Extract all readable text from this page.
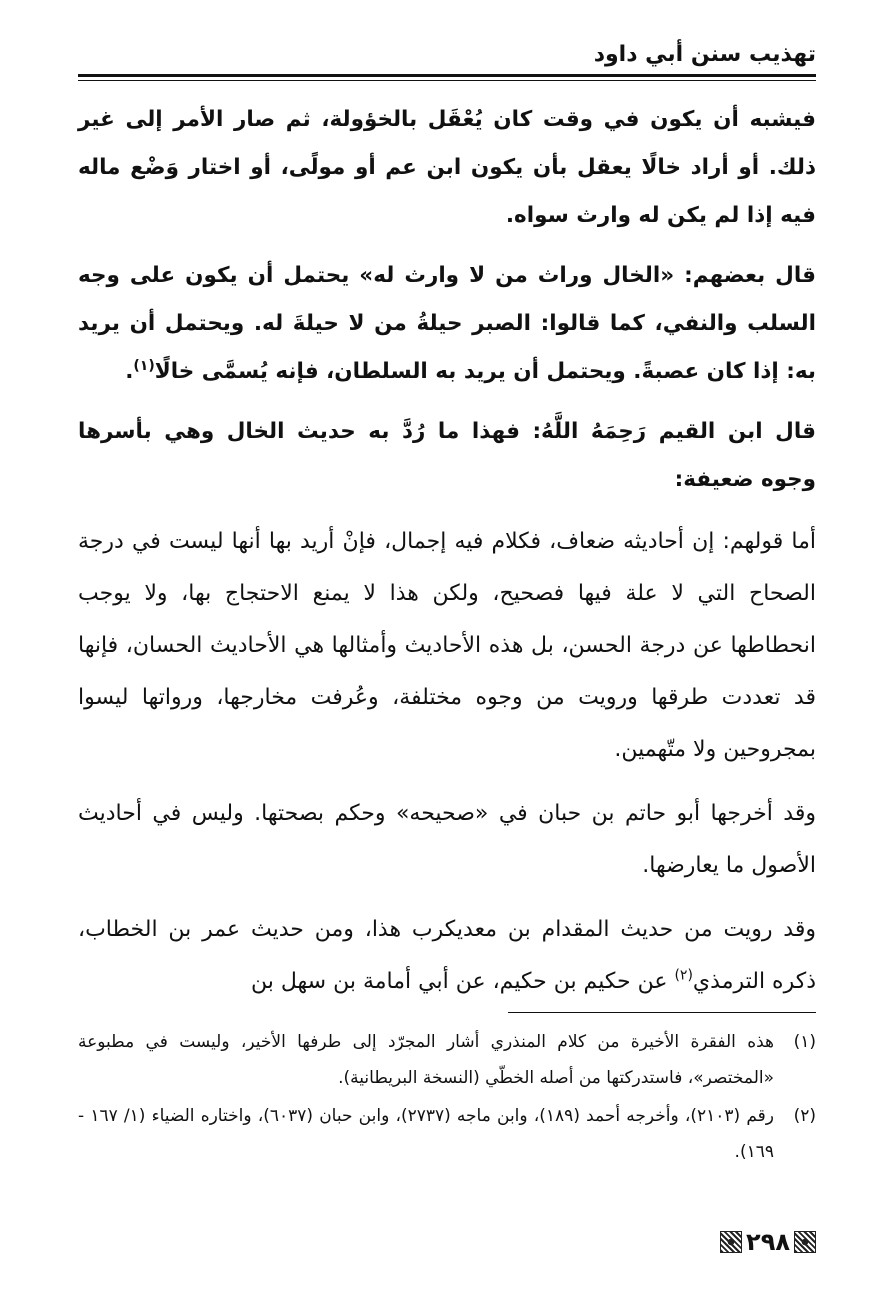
تهذيب سنن أبي داود

فيشبه أن يكون في وقت كان يُعْقَل بالخؤولة، ثم صار الأمر إلى غير ذلك. أو أراد خالًا يعقل بأن يكون ابن عم أو مولًى، أو اختار وَضْع ماله فيه إذا لم يكن له وارث سواه.

قال بعضهم: «الخال وراث من لا وارث له» يحتمل أن يكون على وجه السلب والنفي، كما قالوا: الصبر حيلةُ من لا حيلةَ له. ويحتمل أن يريد به: إذا كان عصبةً. ويحتمل أن يريد به السلطان، فإنه يُسمَّى خالًا$^{(١)}$.

قال ابن القيم رَحِمَهُ اللَّهُ: فهذا ما رُدَّ به حديث الخال وهي بأسرها وجوه ضعيفة:

أما قولهم: إن أحاديثه ضعاف، فكلام فيه إجمال، فإنْ أريد بها أنها ليست في درجة الصحاح التي لا علة فيها فصحيح، ولكن هذا لا يمنع الاحتجاج بها، ولا يوجب انحطاطها عن درجة الحسن، بل هذه الأحاديث وأمثالها هي الأحاديث الحسان، فإنها قد تعددت طرقها ورويت من وجوه مختلفة، وعُرفت مخارجها، ورواتها ليسوا بمجروحين ولا متّهمين.

وقد أخرجها أبو حاتم بن حبان في «صحيحه» وحكم بصحتها. وليس في أحاديث الأصول ما يعارضها.

وقد رويت من حديث المقدام بن معديكرب هذا، ومن حديث عمر بن الخطاب، ذكره الترمذي$^{(٢)}$ عن حكيم بن حكيم، عن أبي أمامة بن سهل بن

(١)
هذه الفقرة الأخيرة من كلام المنذري أشار المجرّد إلى طرفها الأخير، وليست في مطبوعة «المختصر»، فاستدركتها من أصله الخطّي (النسخة البريطانية).

(٢)
رقم (٢١٠٣)، وأخرجه أحمد (١٨٩)، وابن ماجه (٢٧٣٧)، وابن حبان (٦٠٣٧)، واختاره الضياء (١/ ١٦٧ - ١٦٩).

٢٩٨
